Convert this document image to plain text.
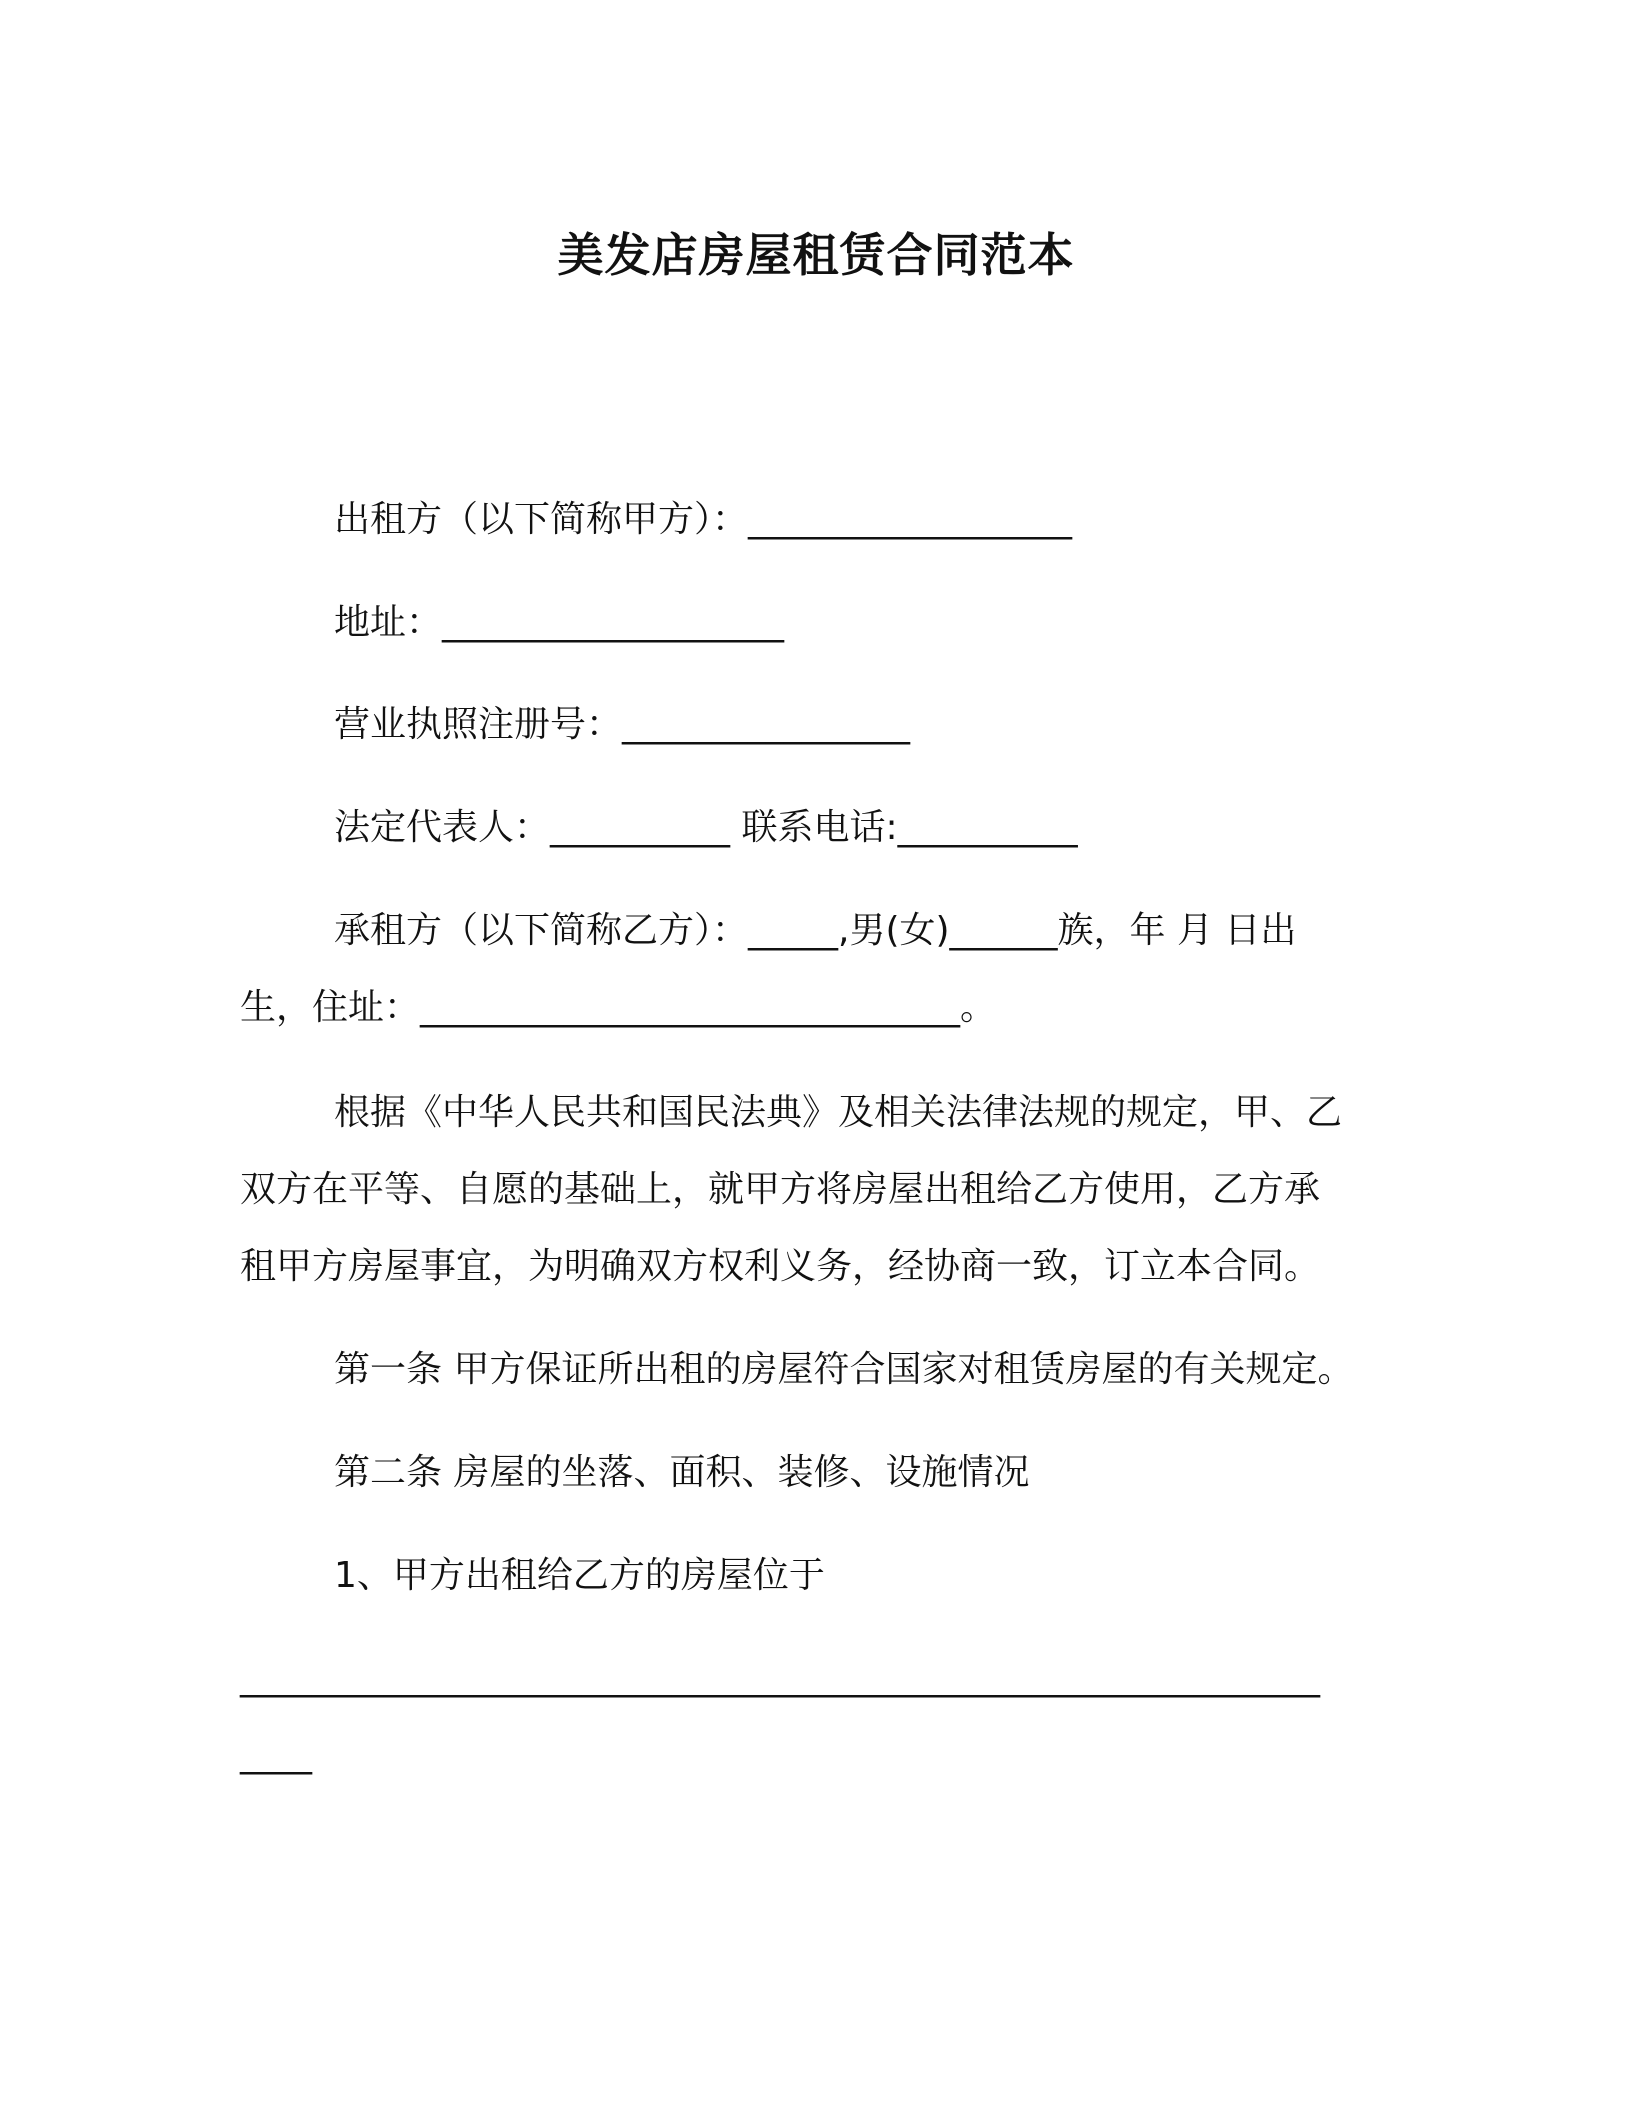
美发店房屋租赁合同范本
出租方（以下简称甲方）：__________________
地址：___________________
营业执照注册号：________________
法定代表人：__________ 联系电话:__________
承租方（以下简称乙方）：_____,男(女)______族，年 月 日出
生，住址：______________________________。
根据《中华人民共和国民法典》及相关法律法规的规定，甲、乙
双方在平等、自愿的基础上，就甲方将房屋出租给乙方使用，乙方承
租甲方房屋事宜，为明确双方权利义务，经协商一致，订立本合同。
第一条 甲方保证所出租的房屋符合国家对租赁房屋的有关规定。
第二条 房屋的坐落、面积、装修、设施情况
1、甲方出租给乙方的房屋位于
____________________________________________________________
____
